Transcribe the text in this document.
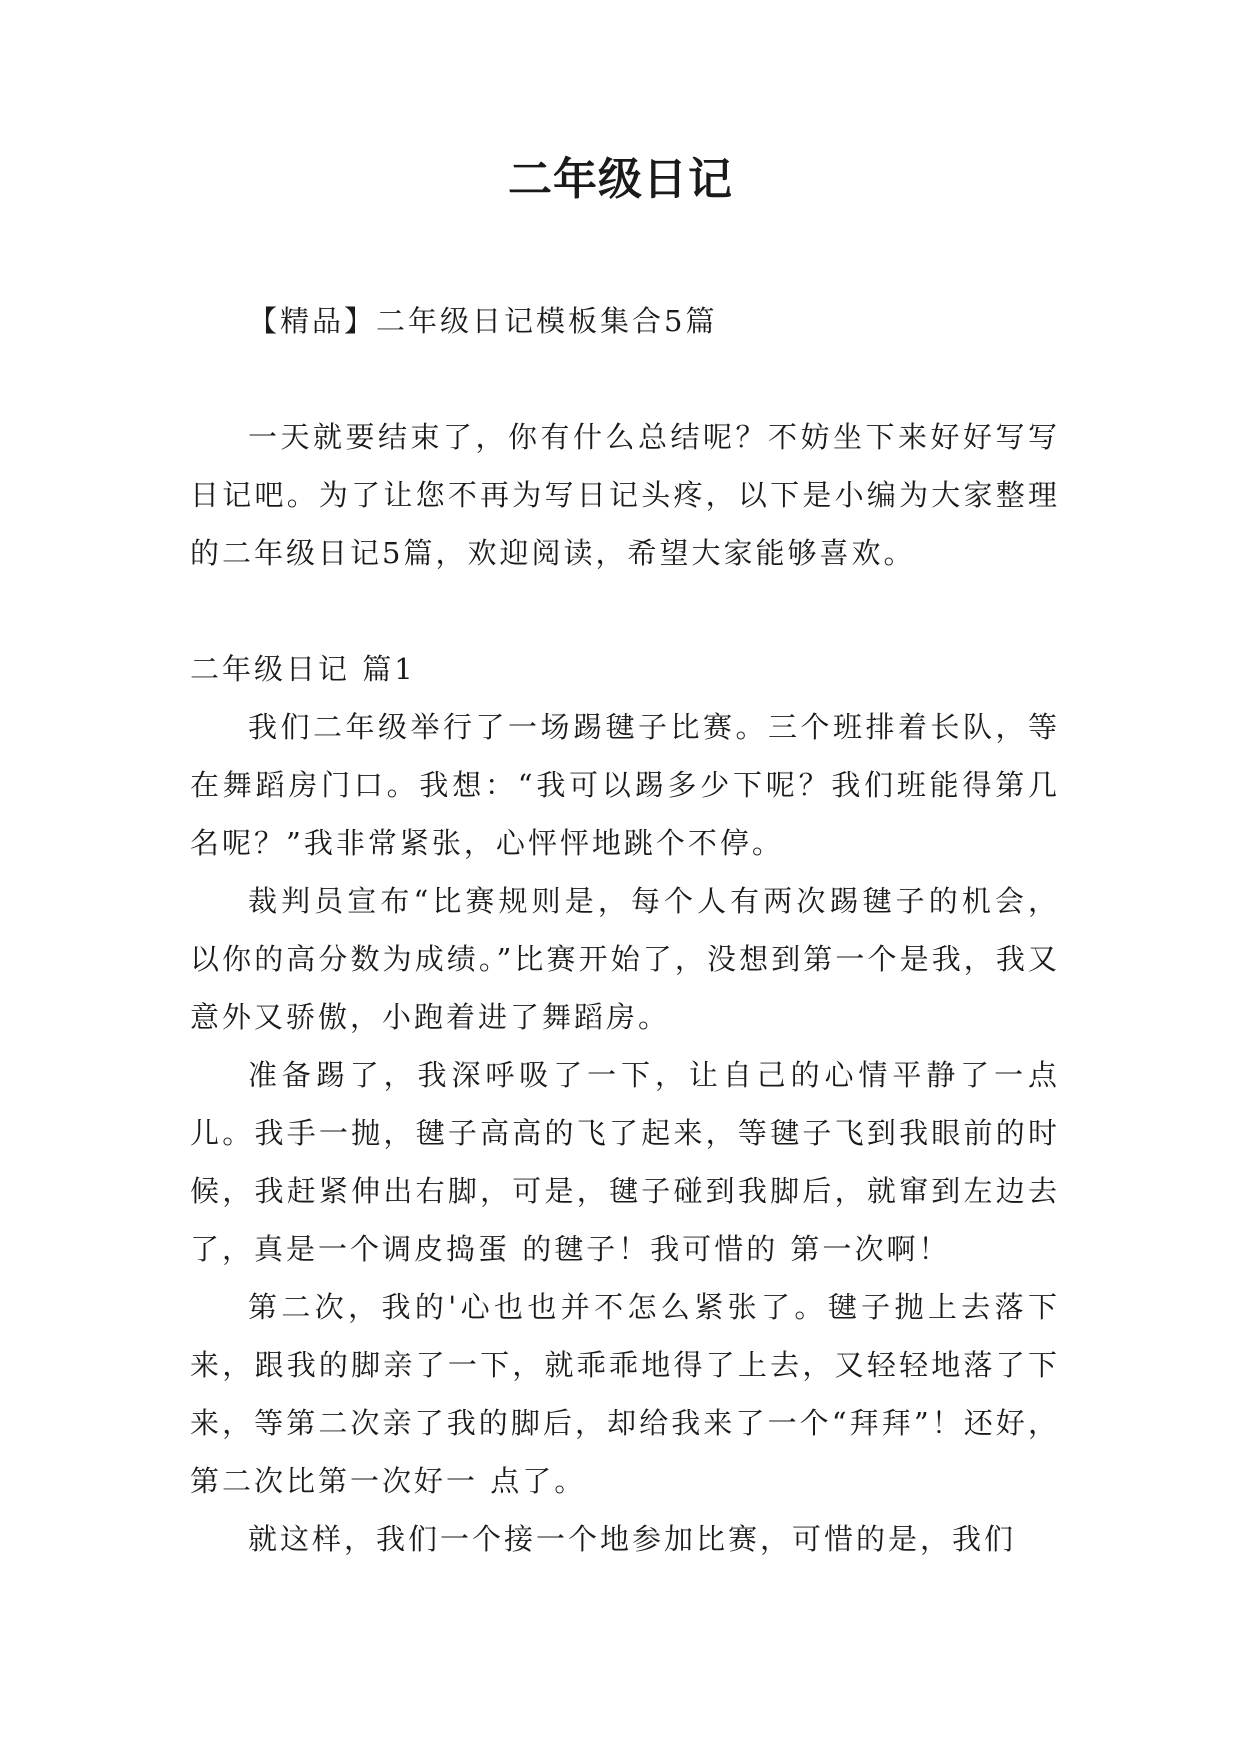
二年级日记

【精品】二年级日记模板集合5篇

一天就要结束了，你有什么总结呢？不妨坐下来好好写写日记吧。为了让您不再为写日记头疼，以下是小编为大家整理的二年级日记5篇，欢迎阅读，希望大家能够喜欢。

二年级日记 篇1

我们二年级举行了一场踢毽子比赛。三个班排着长队，等在舞蹈房门口。我想：“我可以踢多少下呢？我们班能得第几名呢？”我非常紧张，心怦怦地跳个不停。

裁判员宣布“比赛规则是，每个人有两次踢毽子的机会，以你的高分数为成绩。”比赛开始了，没想到第一个是我，我又意外又骄傲，小跑着进了舞蹈房。

准备踢了，我深呼吸了一下，让自己的心情平静了一点儿。我手一抛，毽子高高的飞了起来，等毽子飞到我眼前的时候，我赶紧伸出右脚，可是，毽子碰到我脚后，就窜到左边去了，真是一个调皮捣蛋 的毽子！我可惜的 第一次啊！

第二次，我的'心也也并不怎么紧张了。毽子抛上去落下来，跟我的脚亲了一下，就乖乖地得了上去，又轻轻地落了下来，等第二次亲了我的脚后，却给我来了一个“拜拜”！还好，第二次比第一次好一 点了。

就这样，我们一个接一个地参加比赛，可惜的是，我们
